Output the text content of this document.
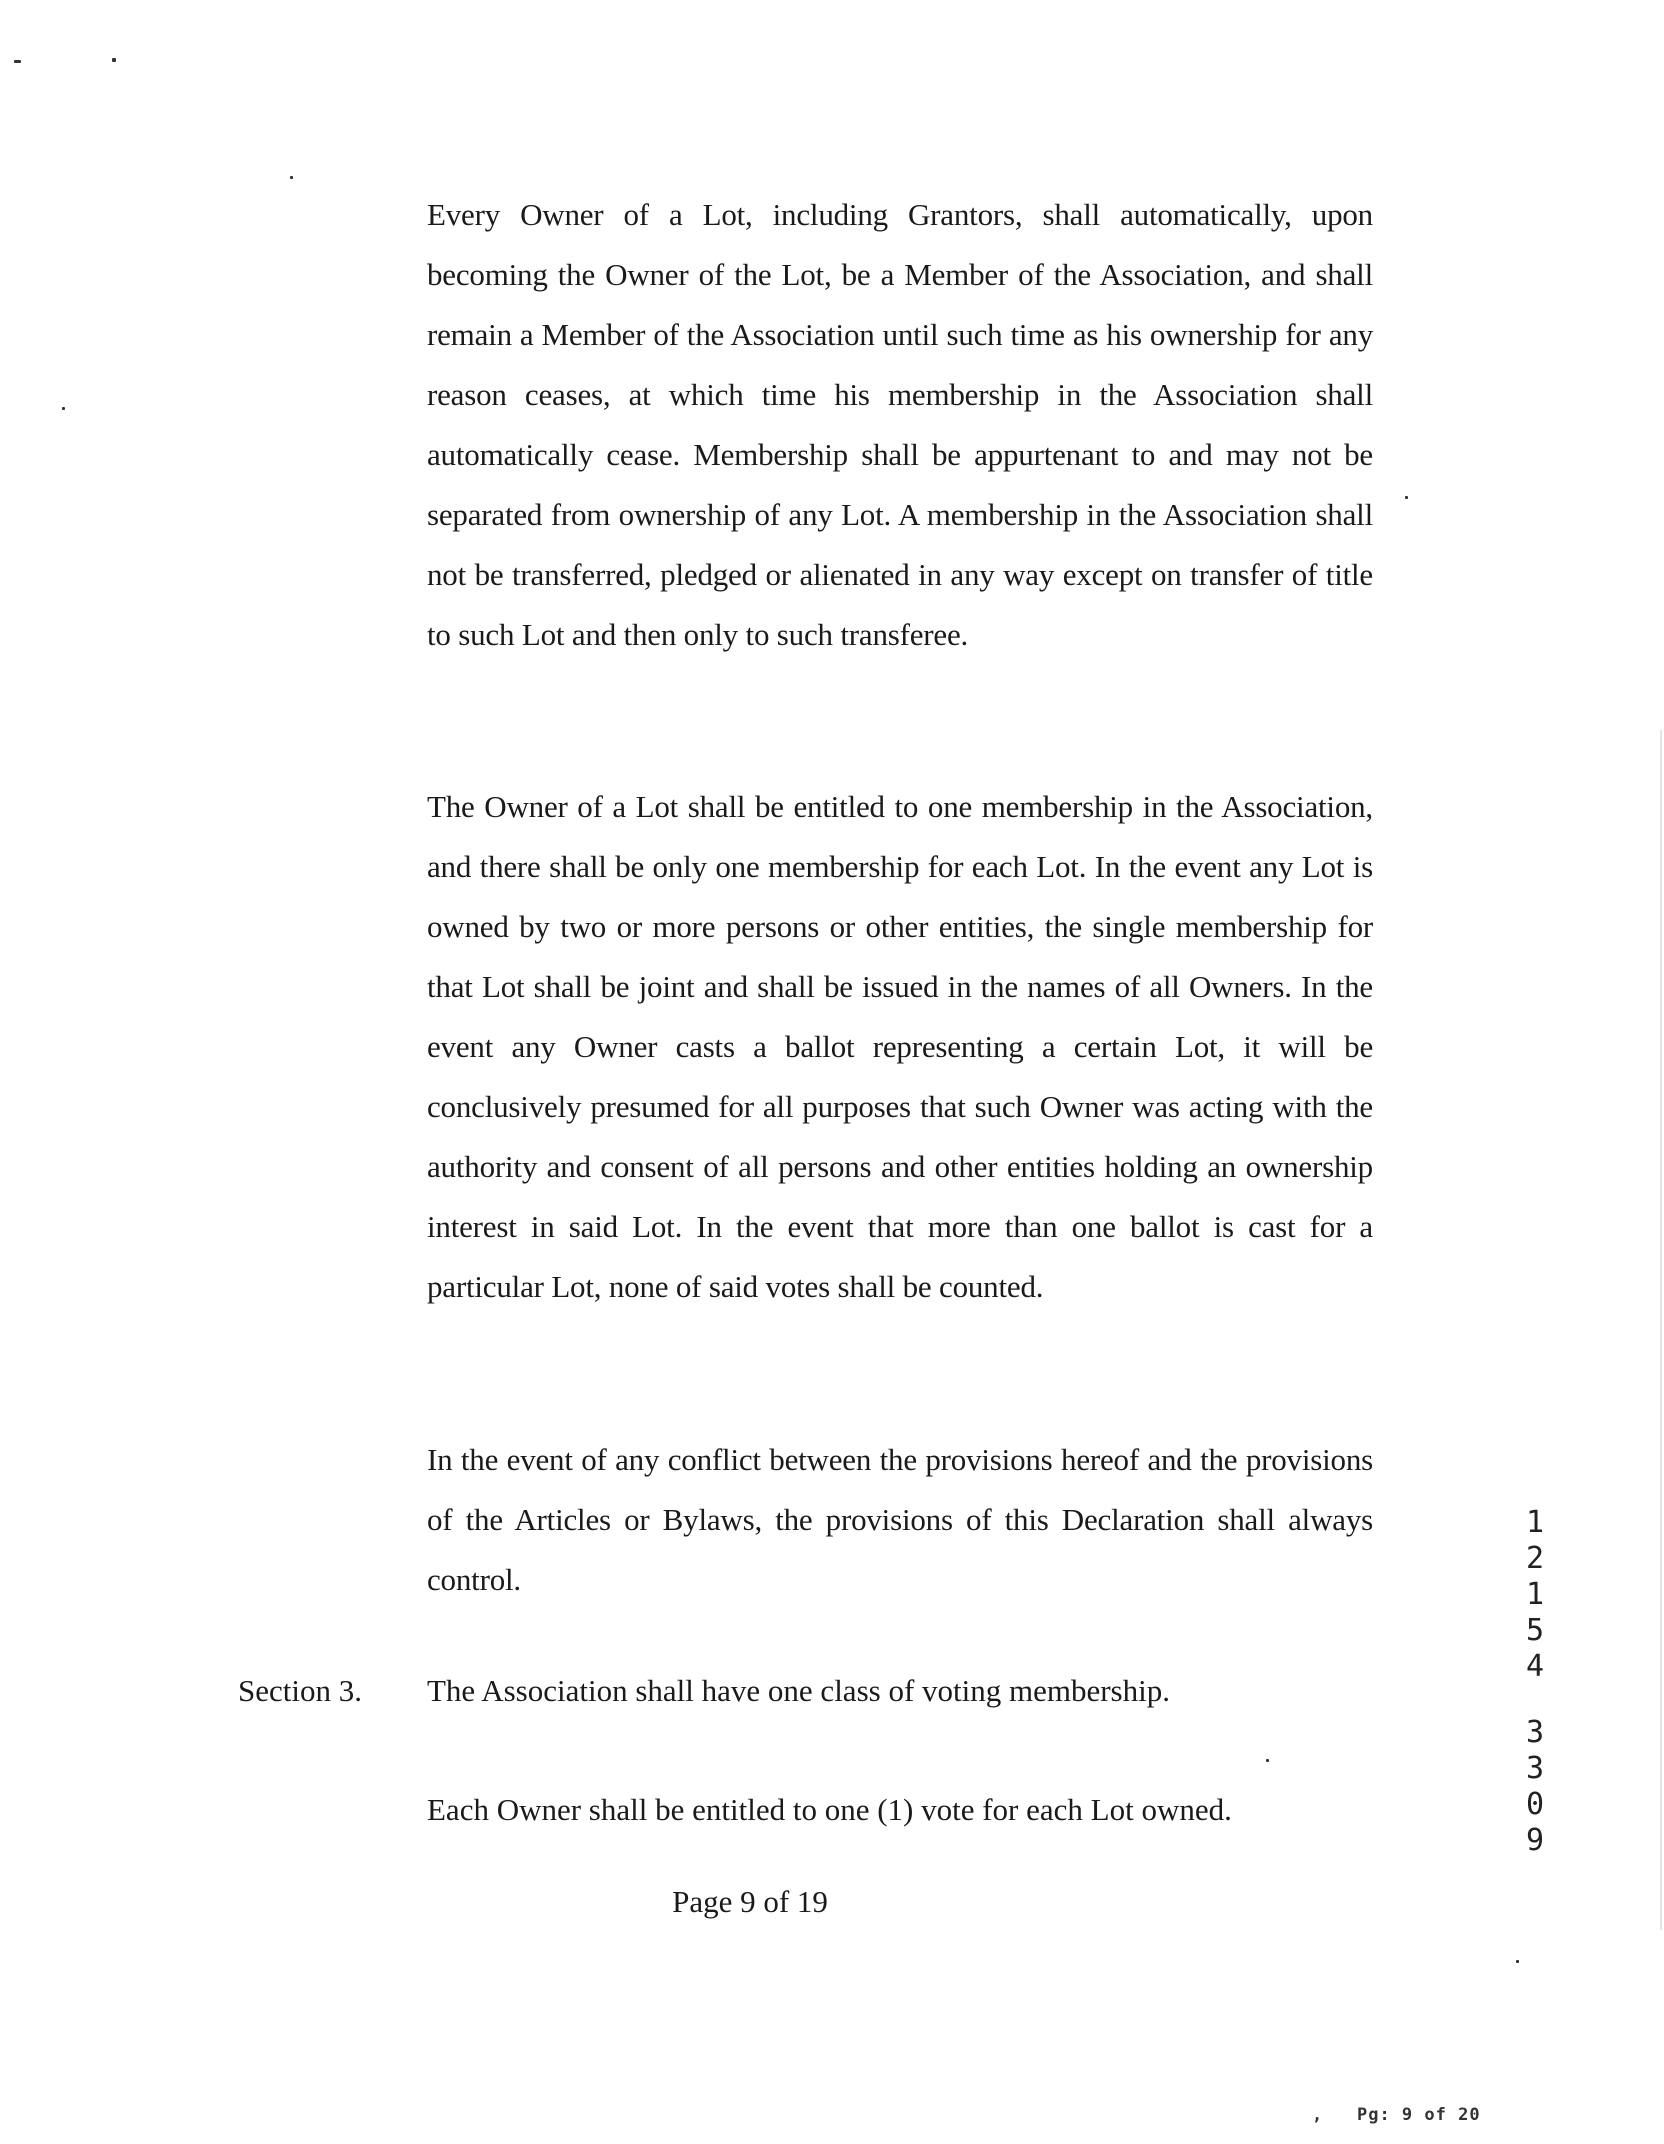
Every Owner of a Lot, including Grantors, shall automatically, upon becoming the Owner of the Lot, be a Member of the Association, and shall remain a Member of the Association until such time as his ownership for any reason ceases, at which time his membership in the Association shall automatically cease. Membership shall be appurtenant to and may not be separated from ownership of any Lot. A membership in the Association shall not be transferred, pledged or alienated in any way except on transfer of title to such Lot and then only to such transferee.
The Owner of a Lot shall be entitled to one membership in the Association, and there shall be only one membership for each Lot. In the event any Lot is owned by two or more persons or other entities, the single membership for that Lot shall be joint and shall be issued in the names of all Owners. In the event any Owner casts a ballot representing a certain Lot, it will be conclusively presumed for all purposes that such Owner was acting with the authority and consent of all persons and other entities holding an ownership interest in said Lot. In the event that more than one ballot is cast for a particular Lot, none of said votes shall be counted.
In the event of any conflict between the provisions hereof and the provisions of the Articles or Bylaws, the provisions of this Declaration shall always control.
Section 3. The Association shall have one class of voting membership.
Each Owner shall be entitled to one (1) vote for each Lot owned.
Page 9 of 19
1
2
1
5
4
3
3
0
9
, Pg: 9 of 20
